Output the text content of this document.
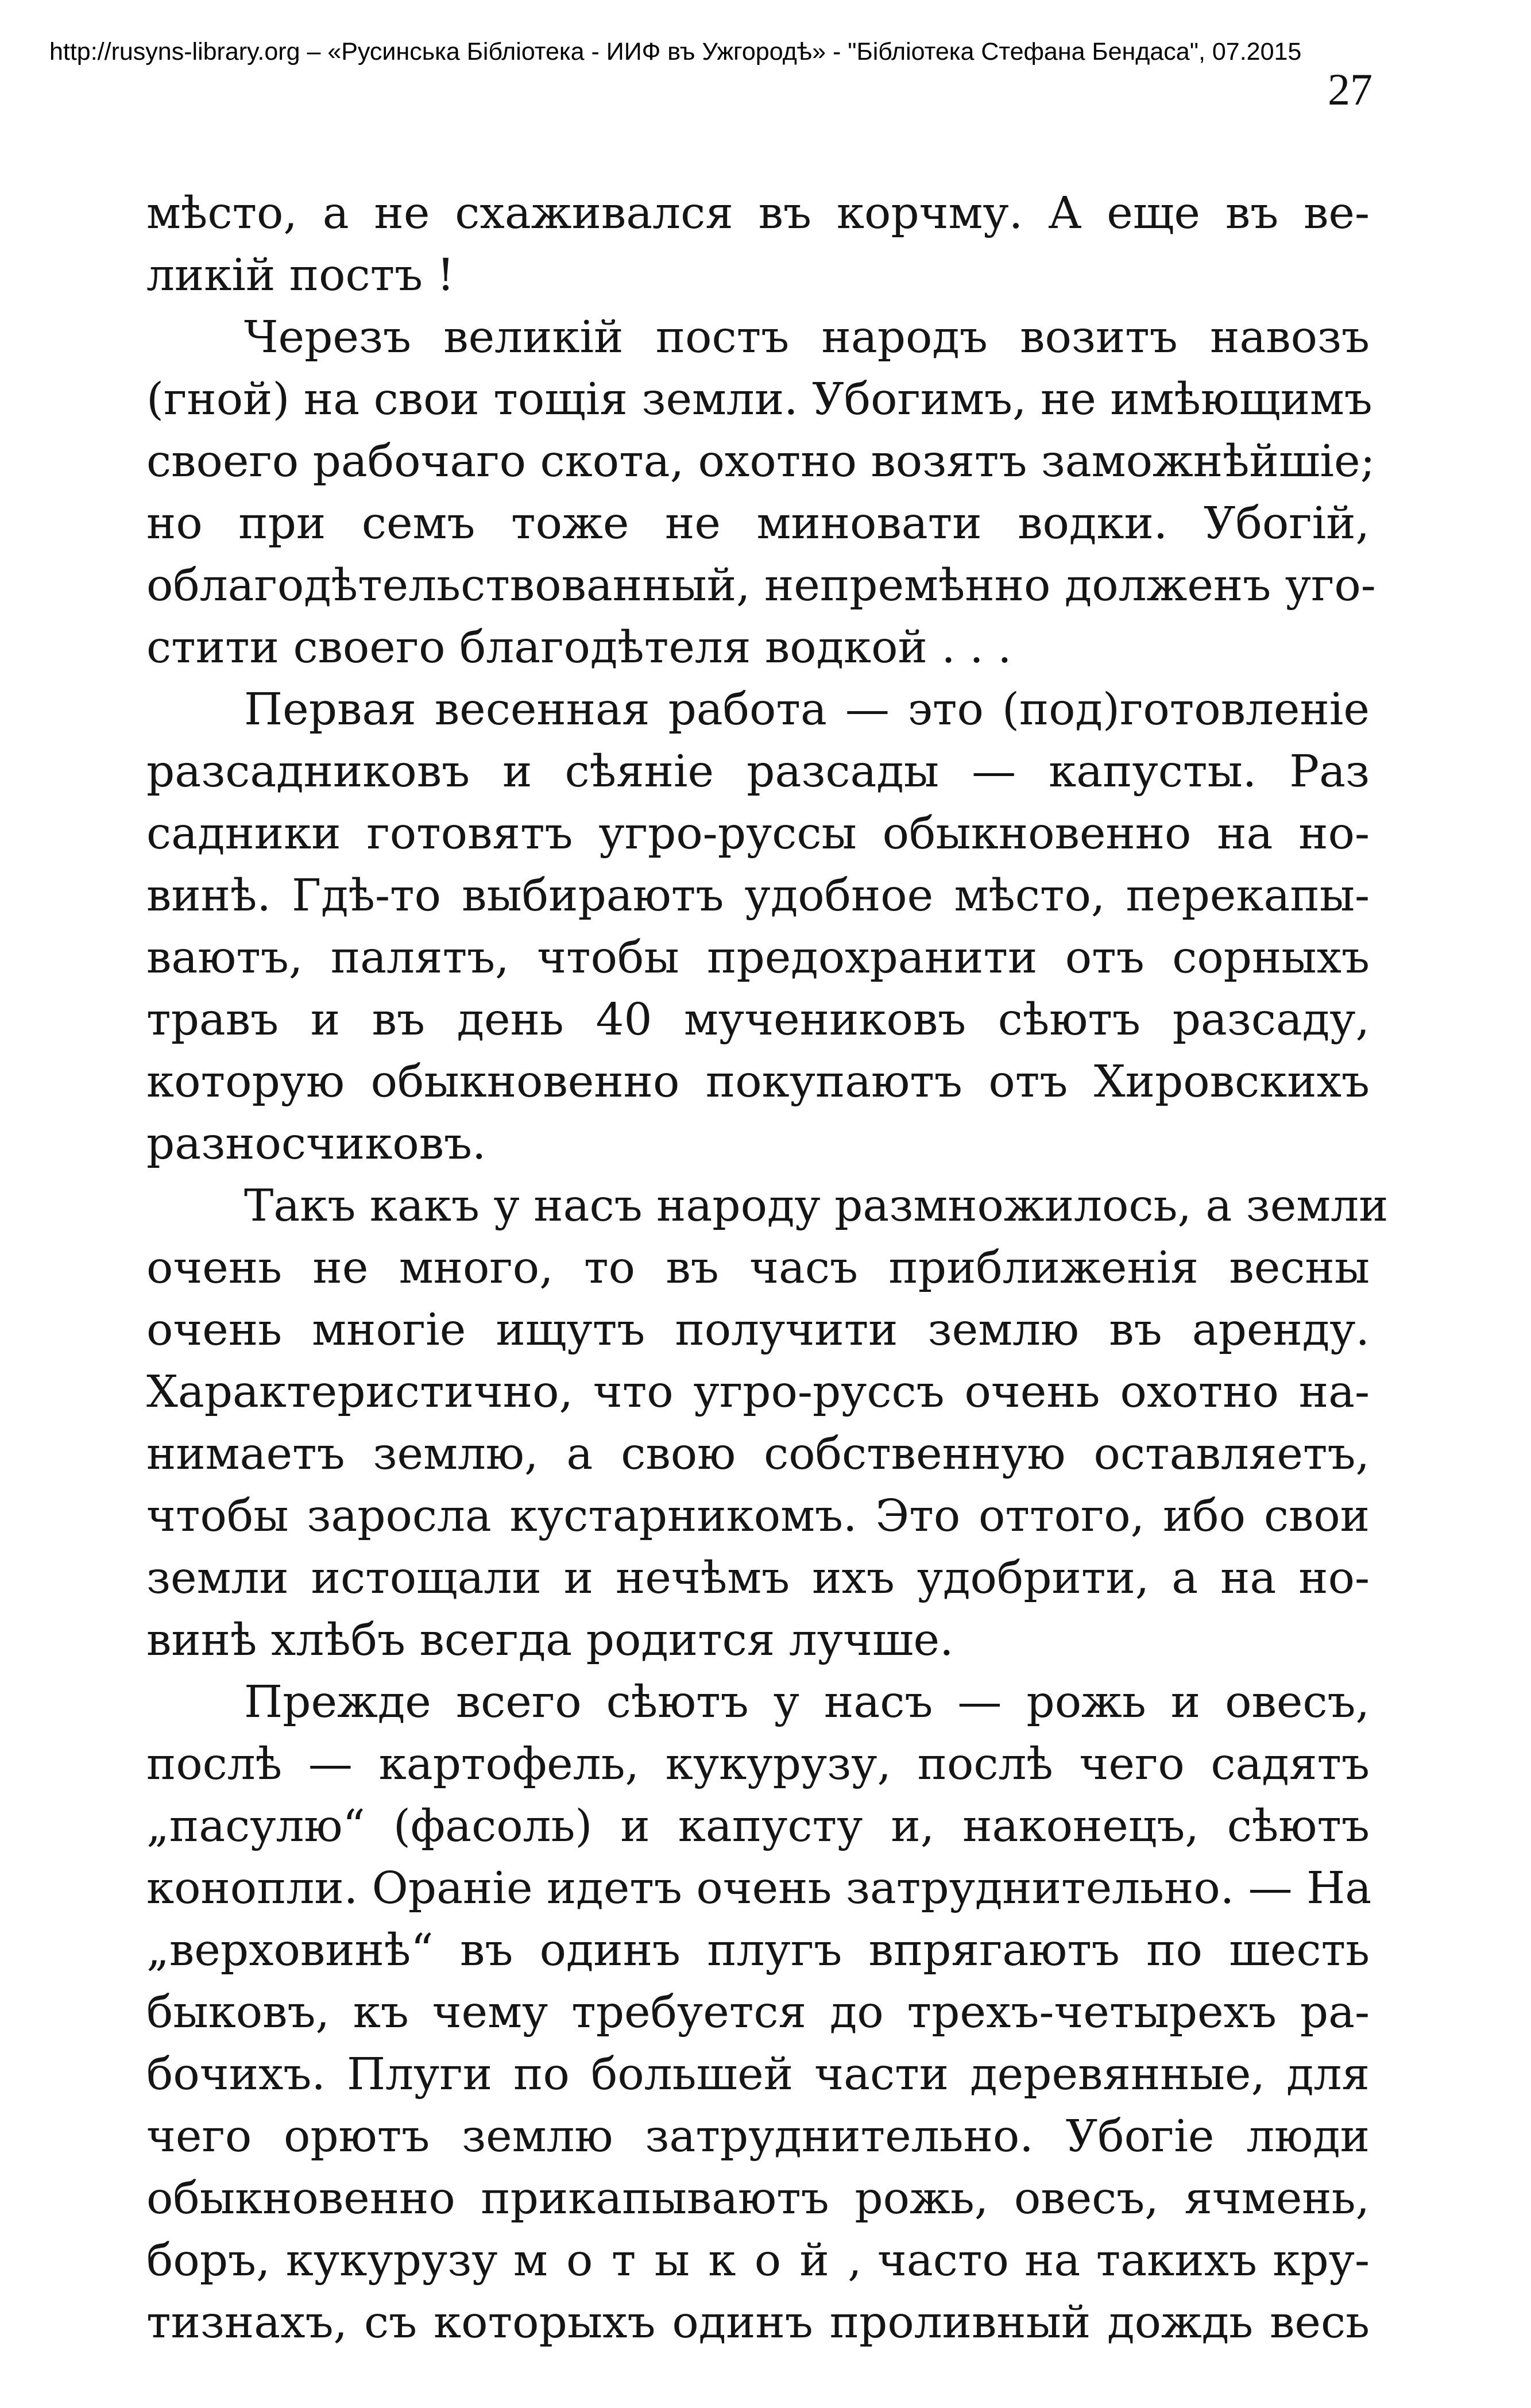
http://rusyns-library.org – «Русинська Бібліотека - ИИФ въ Ужгородѣ» - "Бібліотека Стефана Бендаса", 07.2015
27
мѣсто, а не схаживался въ корчму. А еще въ ве-
ликій постъ !
Черезъ великій постъ народъ возитъ навозъ
(гной) на свои тощія земли. Убогимъ, не имѣющимъ
своего рабочаго скота, охотно возятъ заможнѣйшіе;
но при семъ тоже не миновати водки. Убогій,
облагодѣтельствованный, непремѣнно долженъ уго-
стити своего благодѣтеля водкой . . .
Первая весенная работа — это (под)готовленіе
разсадниковъ и сѣяніе разсады — капусты. Раз
садники готовятъ угро-руссы обыкновенно на но-
винѣ. Гдѣ-то выбираютъ удобное мѣсто, перекапы-
ваютъ, палятъ, чтобы предохранити отъ сорныхъ
травъ и въ день 40 мучениковъ сѣютъ разсаду,
которую обыкновенно покупаютъ отъ Хировскихъ
разносчиковъ.
Такъ какъ у насъ народу размножилось, а земли
очень не много, то въ часъ приближенія весны
очень многіе ищутъ получити землю въ аренду.
Характеристично, что угро-руссъ очень охотно на-
нимаетъ землю, а свою собственную оставляетъ,
чтобы заросла кустарникомъ. Это оттого, ибо свои
земли истощали и нечѣмъ ихъ удобрити, а на но-
винѣ хлѣбъ всегда родится лучше.
Прежде всего сѣютъ у насъ — рожь и овесъ,
послѣ — картофель, кукурузу, послѣ чего садятъ
„пасулю“ (фасоль) и капусту и, наконецъ, сѣютъ
конопли. Ораніе идетъ очень затруднительно. — На
„верховинѣ“ въ одинъ плугъ впрягаютъ по шесть
быковъ, къ чему требуется до трехъ-четырехъ ра-
бочихъ. Плуги по большей части деревянные, для
чего орютъ землю затруднительно. Убогіе люди
обыкновенно прикапываютъ рожь, овесъ, ячмень,
боръ, кукурузу мотыкой, часто на такихъ кру-
тизнахъ, съ которыхъ одинъ проливный дождь весь
